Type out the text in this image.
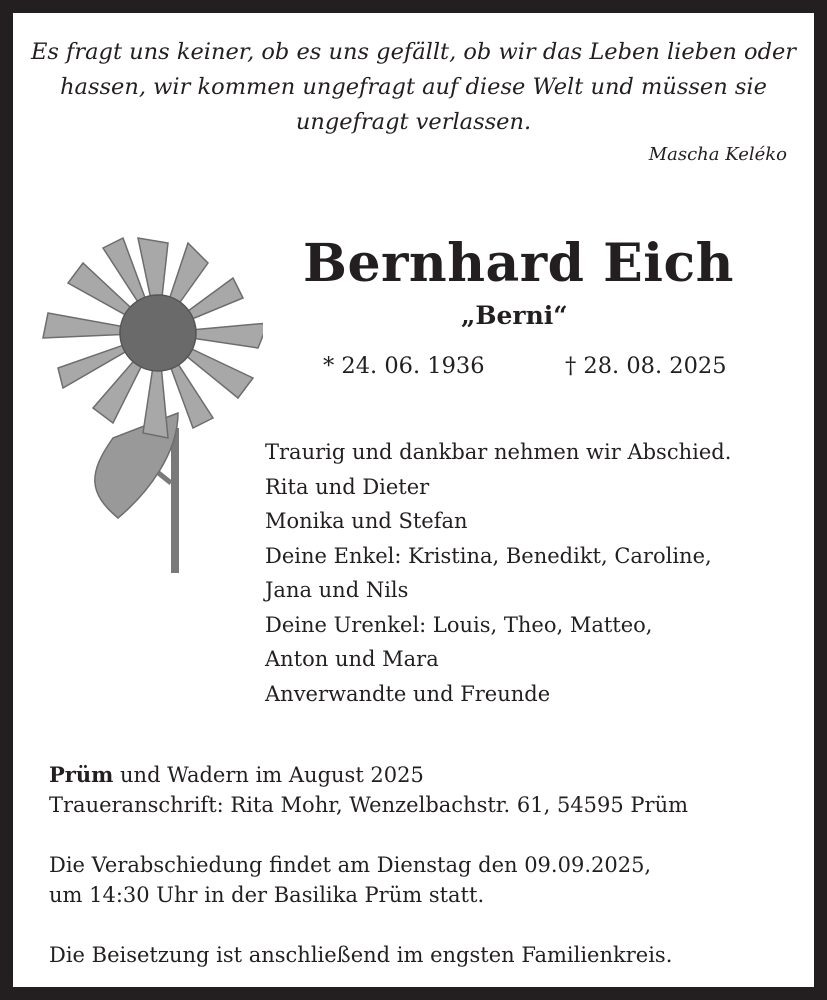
Es fragt uns keiner, ob es uns gefällt, ob wir das Leben lieben oder hassen, wir kommen ungefragt auf diese Welt und müssen sie ungefragt verlassen.
Mascha Keléko
Bernhard Eich
„Berni“
* 24. 06. 1936	† 28. 08. 2025
Traurig und dankbar nehmen wir Abschied.
Rita und Dieter
Monika und Stefan
Deine Enkel: Kristina, Benedikt, Caroline,
Jana und Nils
Deine Urenkel: Louis, Theo, Matteo,
Anton und Mara
Anverwandte und Freunde
Prüm und Wadern im August 2025
Traueranschrift: Rita Mohr, Wenzelbachstr. 61, 54595 Prüm
Die Verabschiedung findet am Dienstag den 09.09.2025,
um 14:30 Uhr in der Basilika Prüm statt.
Die Beisetzung ist anschließend im engsten Familienkreis.
